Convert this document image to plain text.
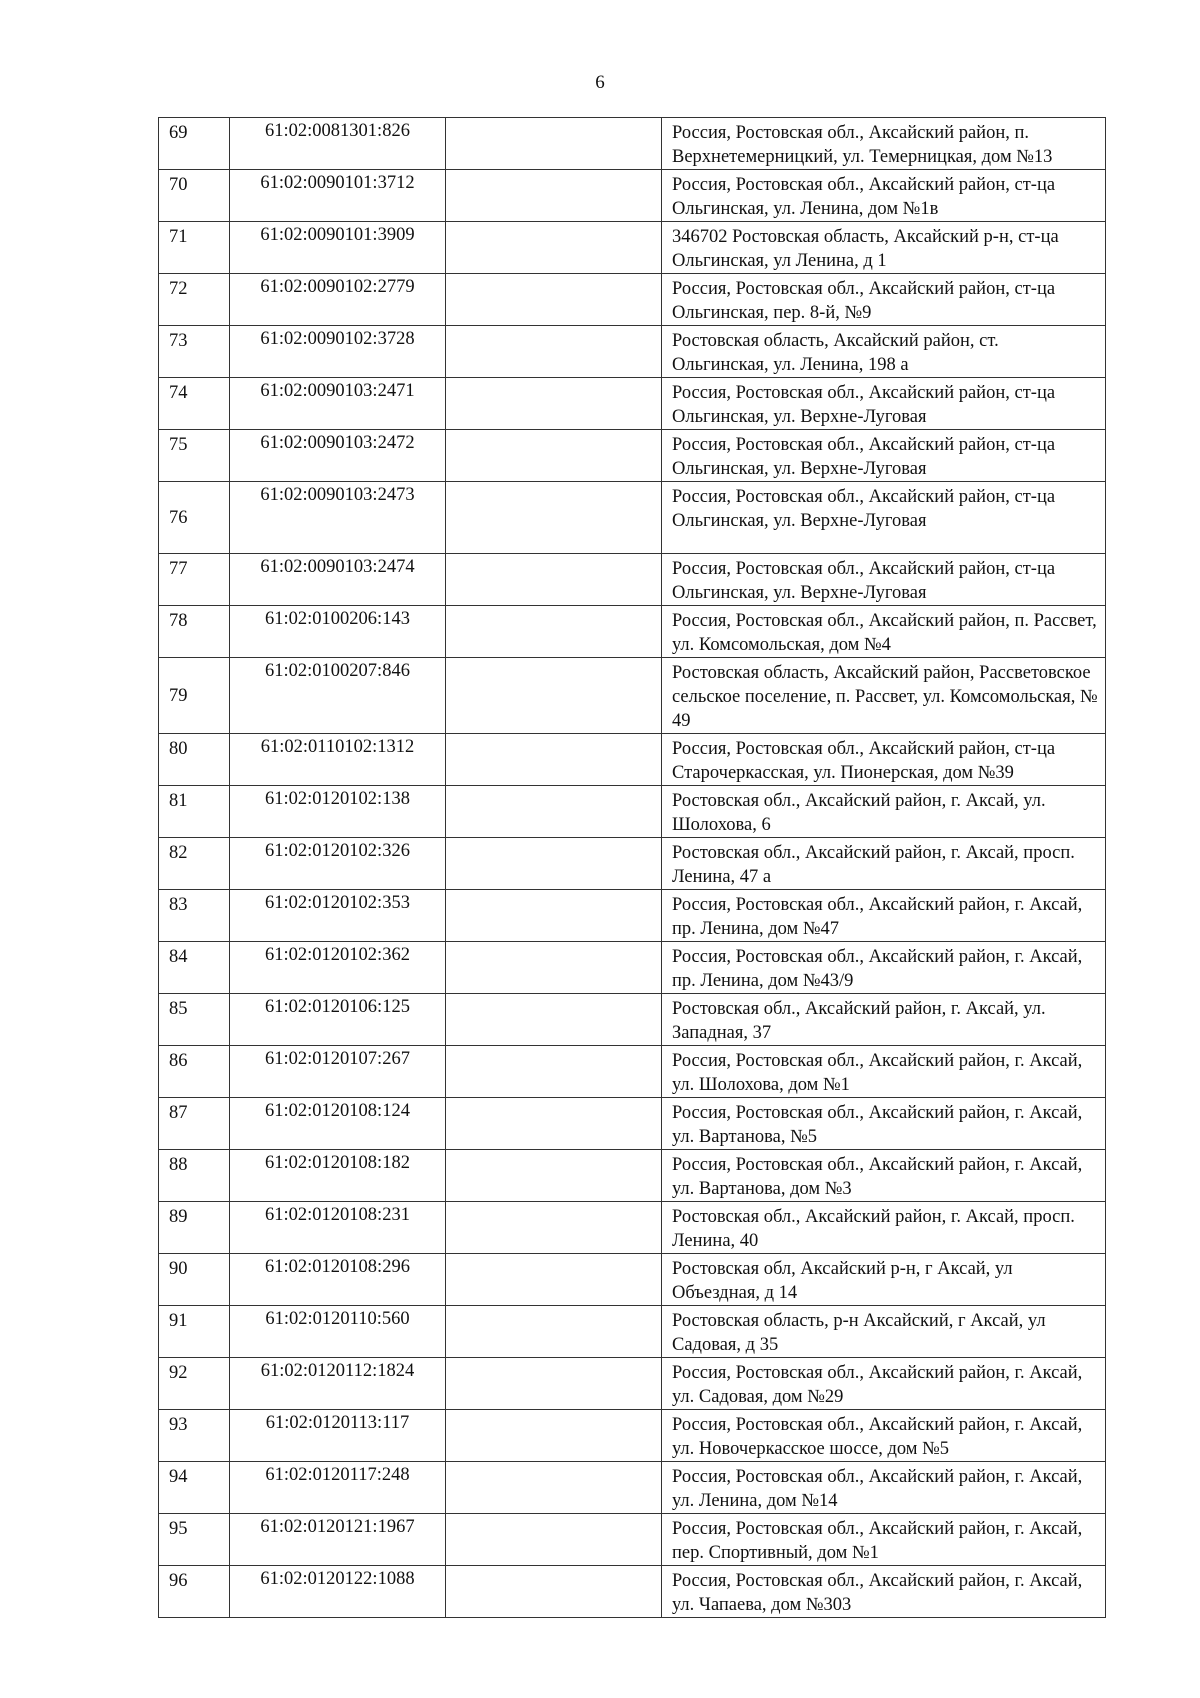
6
69	61:02:0081301:826		Россия, Ростовская обл., Аксайский район, п. Верхнетемерницкий, ул. Темерницкая, дом №13

70	61:02:0090101:3712		Россия, Ростовская обл., Аксайский район, ст-ца Ольгинская, ул. Ленина, дом №1в

71	61:02:0090101:3909		346702 Ростовская область, Аксайский р-н, ст-ца Ольгинская, ул Ленина, д 1

72	61:02:0090102:2779		Россия, Ростовская обл., Аксайский район, ст-ца Ольгинская, пер. 8-й, №9

73	61:02:0090102:3728		Ростовская область, Аксайский район, ст. Ольгинская, ул. Ленина, 198 а

74	61:02:0090103:2471		Россия, Ростовская обл., Аксайский район, ст-ца Ольгинская, ул. Верхне-Луговая

75	61:02:0090103:2472		Россия, Ростовская обл., Аксайский район, ст-ца Ольгинская, ул. Верхне-Луговая

76	61:02:0090103:2473		Россия, Ростовская обл., Аксайский район, ст-ца Ольгинская, ул. Верхне-Луговая

77	61:02:0090103:2474		Россия, Ростовская обл., Аксайский район, ст-ца Ольгинская, ул. Верхне-Луговая

78	61:02:0100206:143		Россия, Ростовская обл., Аксайский район, п. Рассвет, ул. Комсомольская, дом №4

79	61:02:0100207:846		Ростовская область, Аксайский район, Рассветовское сельское поселение, п. Рассвет, ул. Комсомольская, № 49

80	61:02:0110102:1312		Россия, Ростовская обл., Аксайский район, ст-ца Старочеркасская, ул. Пионерская, дом №39

81	61:02:0120102:138		Ростовская обл., Аксайский район, г. Аксай, ул. Шолохова, 6

82	61:02:0120102:326		Ростовская обл., Аксайский район, г. Аксай, просп. Ленина, 47 а

83	61:02:0120102:353		Россия, Ростовская обл., Аксайский район, г. Аксай, пр. Ленина, дом №47

84	61:02:0120102:362		Россия, Ростовская обл., Аксайский район, г. Аксай, пр. Ленина, дом №43/9

85	61:02:0120106:125		Ростовская обл., Аксайский район, г. Аксай, ул. Западная, 37

86	61:02:0120107:267		Россия, Ростовская обл., Аксайский район, г. Аксай, ул. Шолохова, дом №1

87	61:02:0120108:124		Россия, Ростовская обл., Аксайский район, г. Аксай, ул. Вартанова, №5

88	61:02:0120108:182		Россия, Ростовская обл., Аксайский район, г. Аксай, ул. Вартанова, дом №3

89	61:02:0120108:231		Ростовская обл., Аксайский район, г. Аксай, просп. Ленина, 40

90	61:02:0120108:296		Ростовская обл, Аксайский р-н, г Аксай, ул Объездная, д 14

91	61:02:0120110:560		Ростовская область, р-н Аксайский, г Аксай, ул Садовая, д 35

92	61:02:0120112:1824		Россия, Ростовская обл., Аксайский район, г. Аксай, ул. Садовая, дом №29

93	61:02:0120113:117		Россия, Ростовская обл., Аксайский район, г. Аксай, ул. Новочеркасское шоссе, дом №5

94	61:02:0120117:248		Россия, Ростовская обл., Аксайский район, г. Аксай, ул. Ленина, дом №14

95	61:02:0120121:1967		Россия, Ростовская обл., Аксайский район, г. Аксай, пер. Спортивный, дом №1

96	61:02:0120122:1088		Россия, Ростовская обл., Аксайский район, г. Аксай, ул. Чапаева, дом №303
